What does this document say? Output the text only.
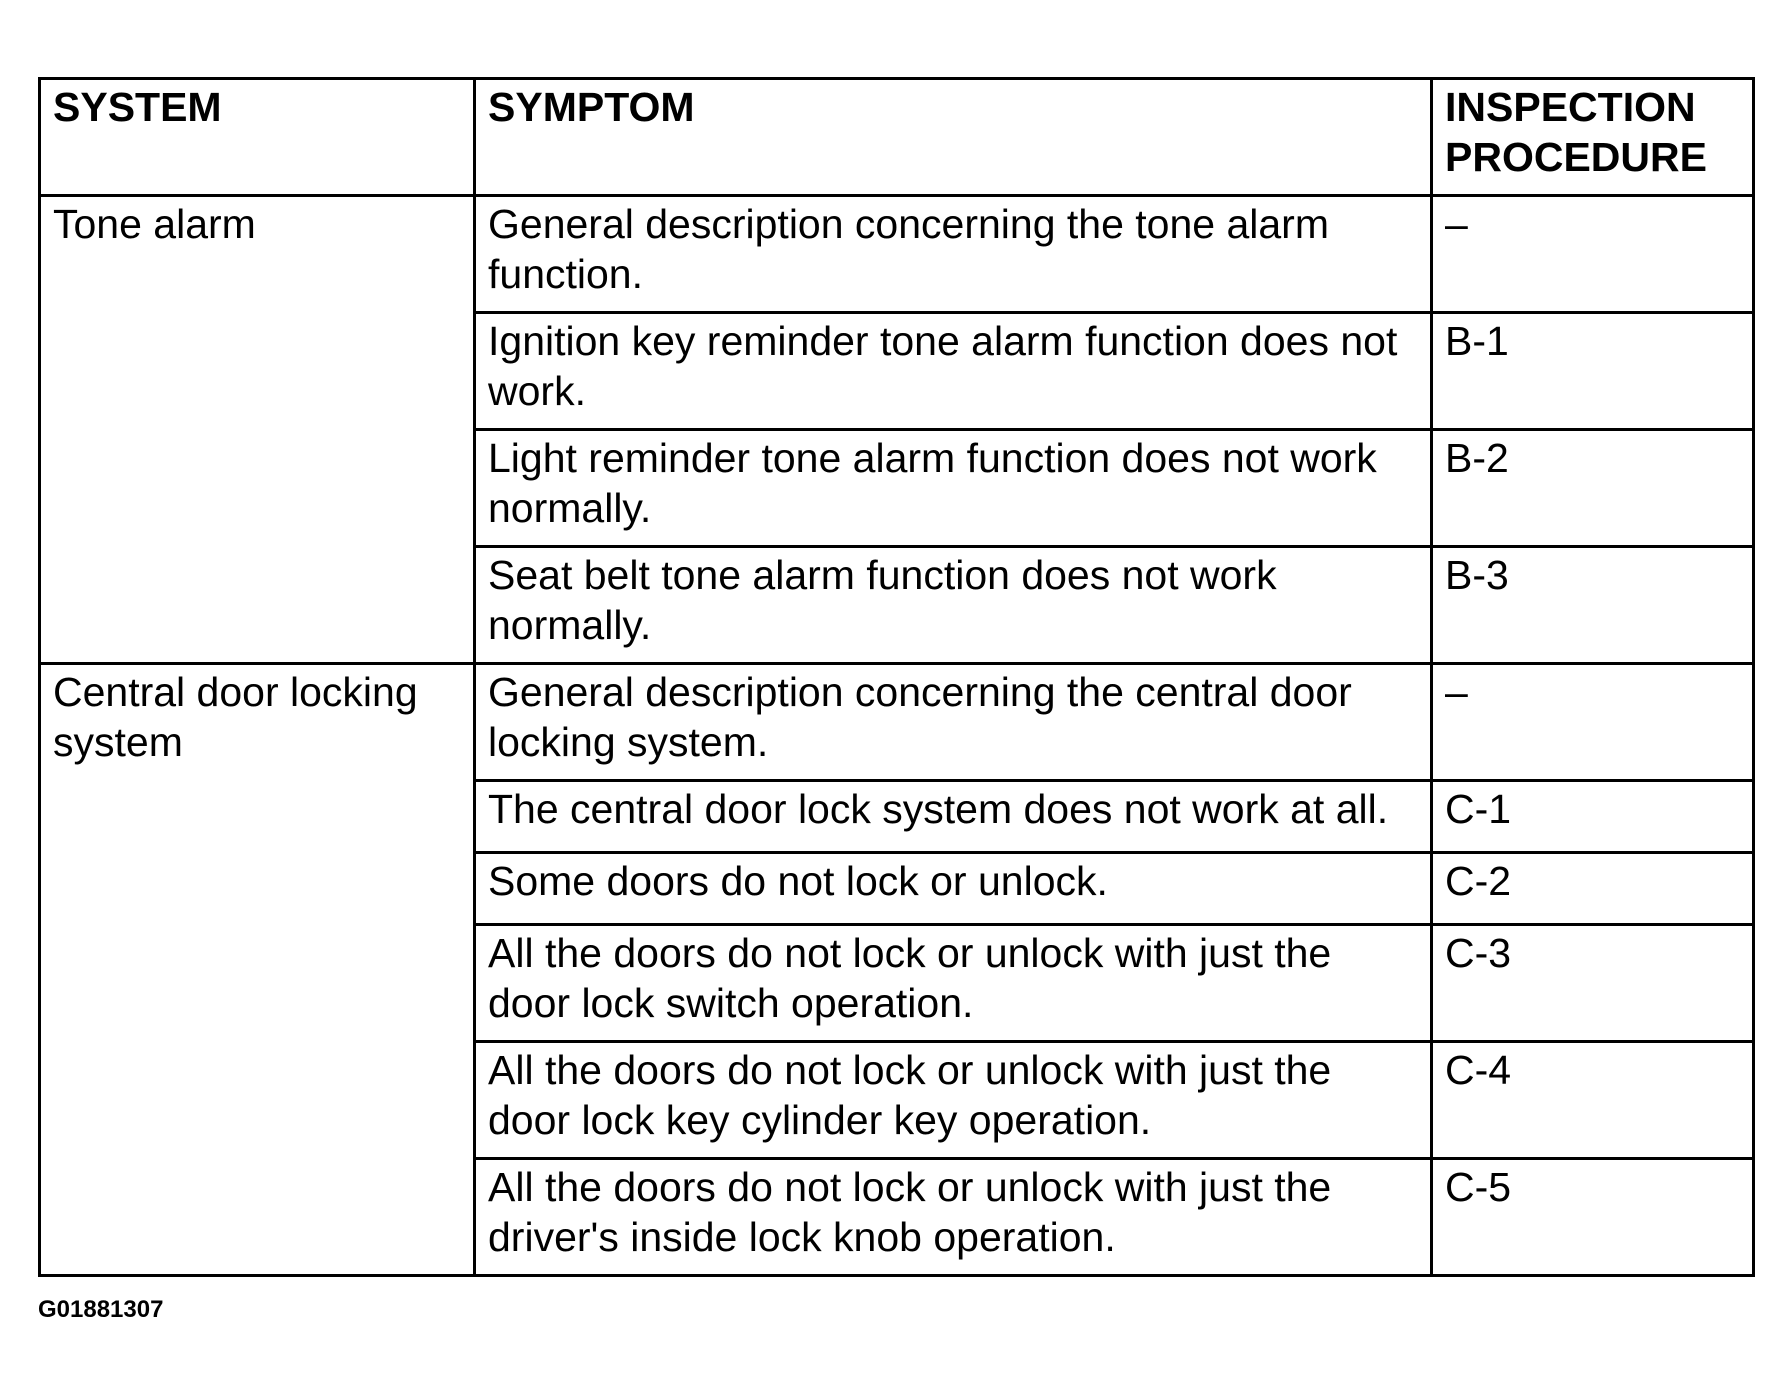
SYSTEM	SYMPTOM	INSPECTION
PROCEDURE
Tone alarm	General description concerning the tone alarm function.	–
	Ignition key reminder tone alarm function does not work.	B-1
	Light reminder tone alarm function does not work normally.	B-2
	Seat belt tone alarm function does not work normally.	B-3
Central door locking
system	General description concerning the central door locking system.	–
	The central door lock system does not work at all.	C-1
	Some doors do not lock or unlock.	C-2
	All the doors do not lock or unlock with just the door lock switch operation.	C-3
	All the doors do not lock or unlock with just the door lock key cylinder key operation.	C-4
	All the doors do not lock or unlock with just the driver's inside lock knob operation.	C-5
G01881307
